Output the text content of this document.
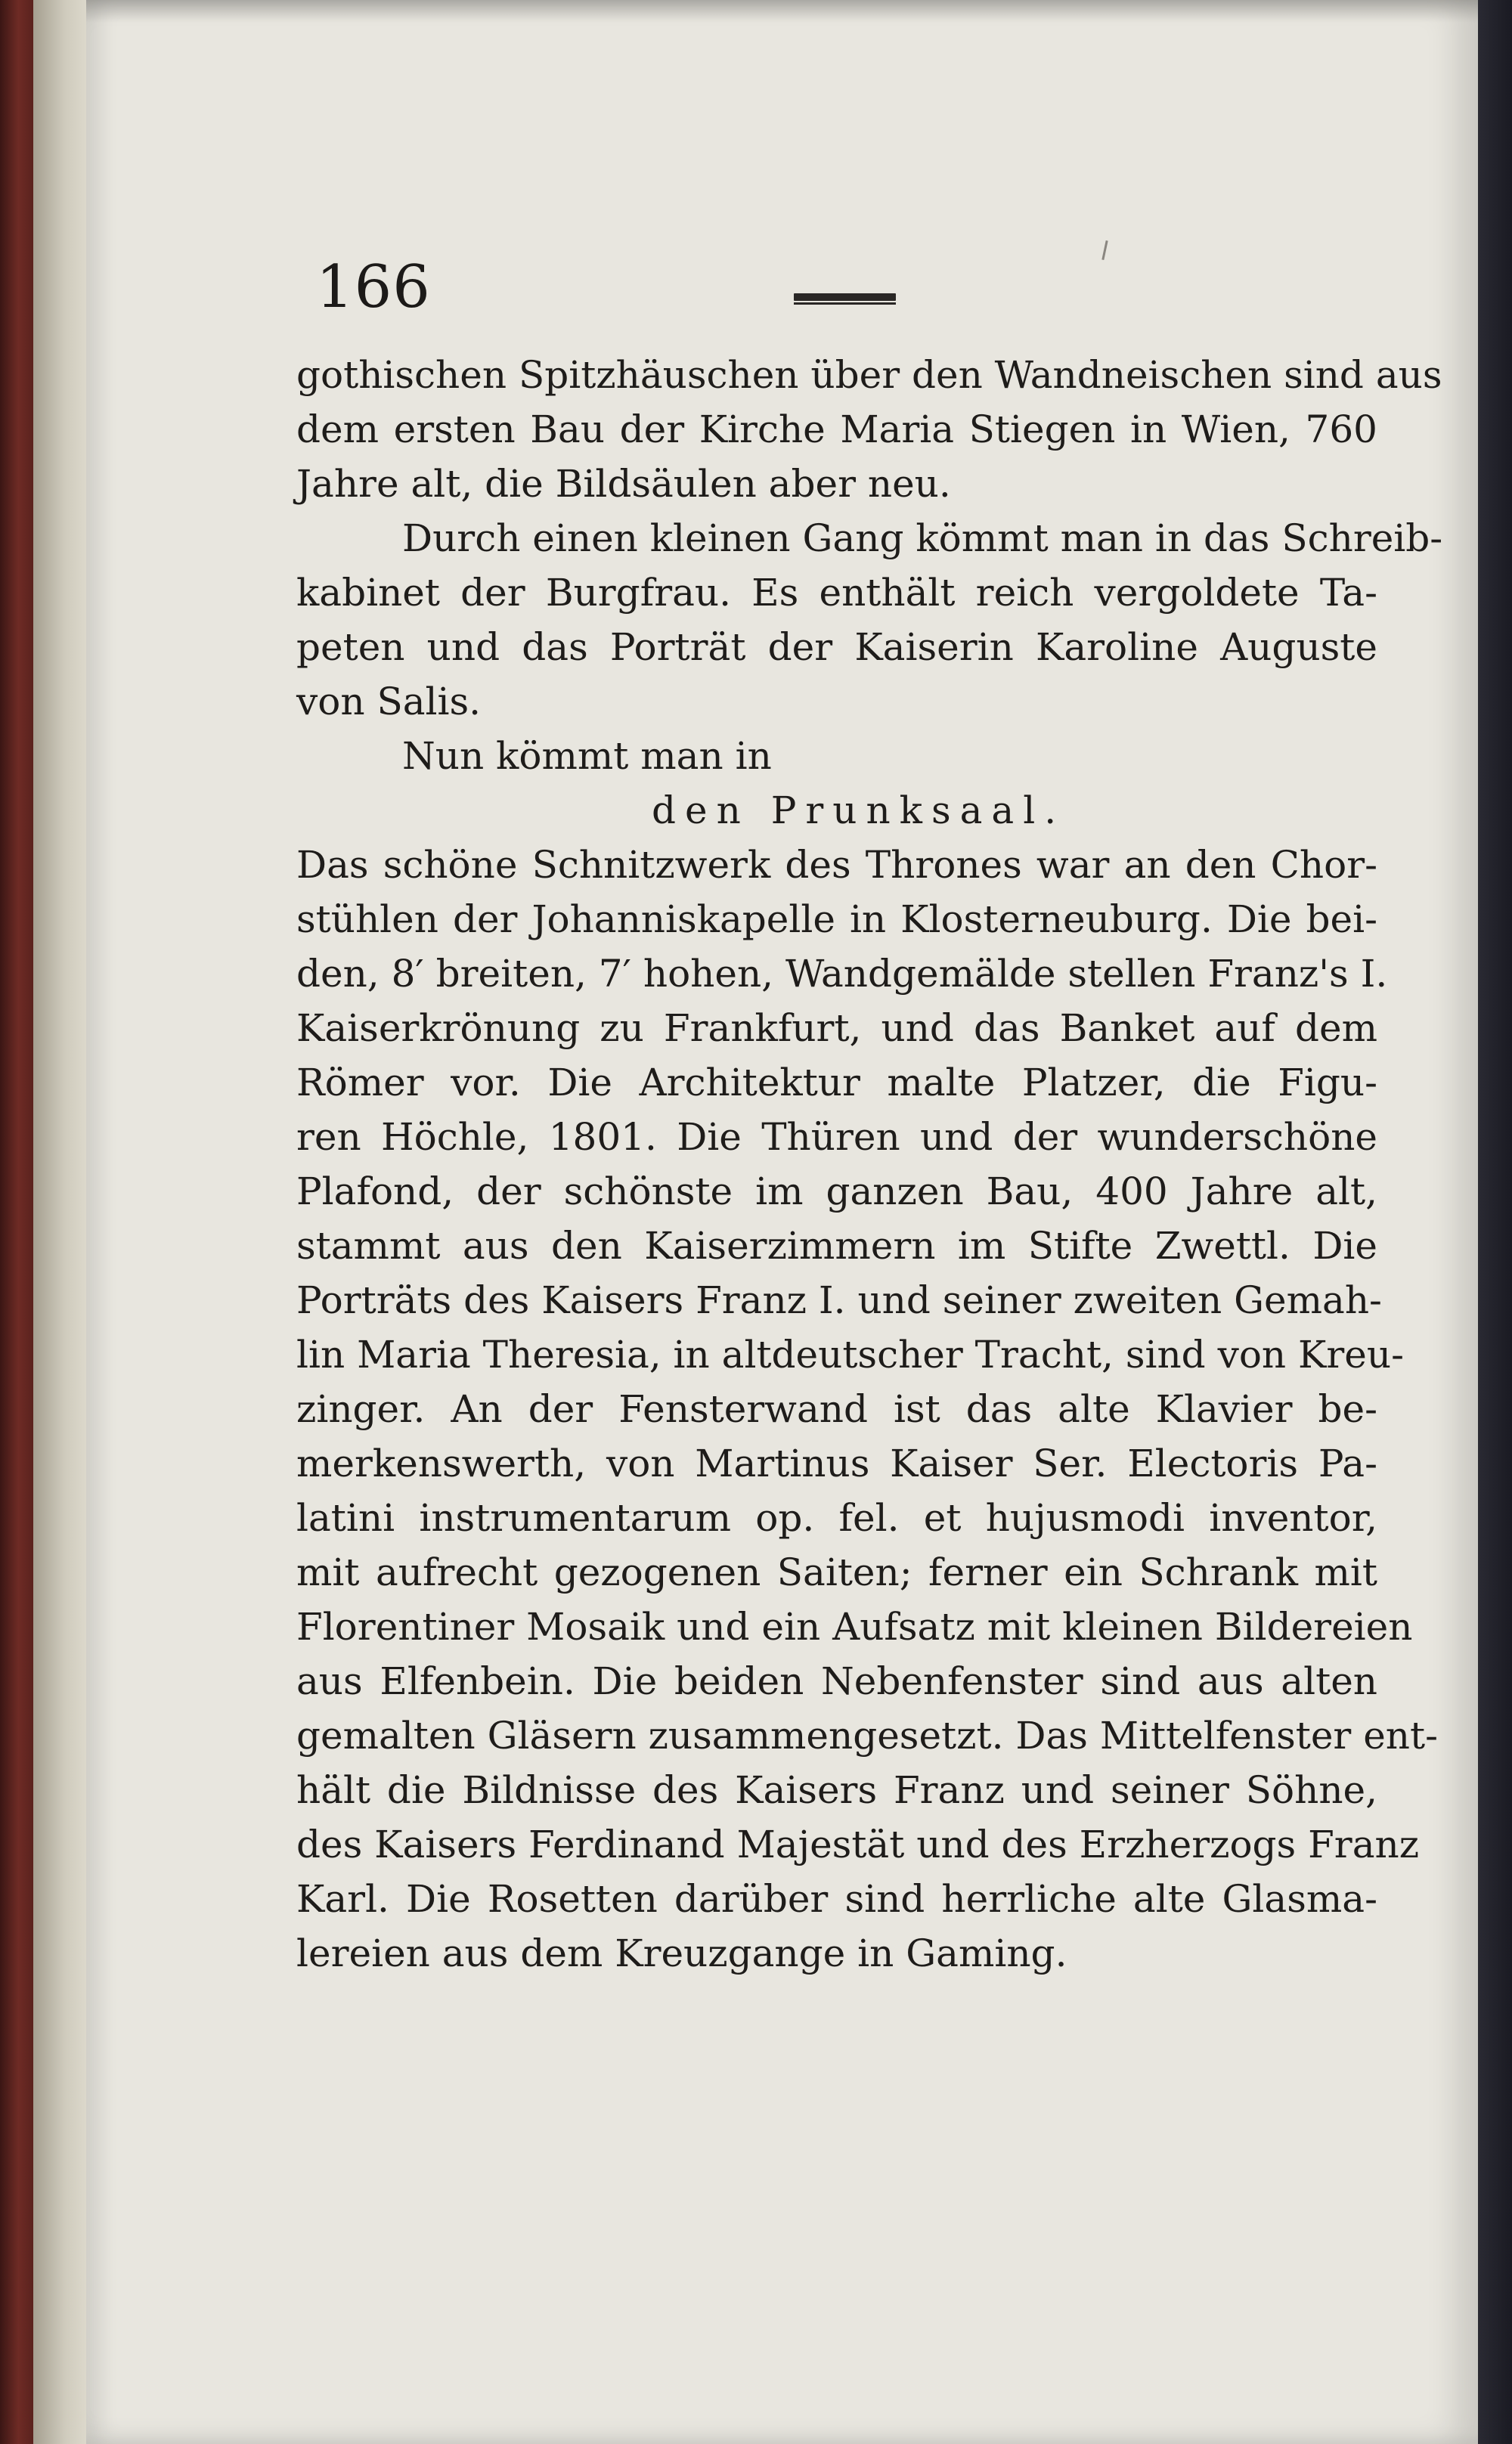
166
gothischen Spitzhäuschen über den Wandneischen sind aus
dem ersten Bau der Kirche Maria Stiegen in Wien, 760
Jahre alt, die Bildsäulen aber neu.
Durch einen kleinen Gang kömmt man in das Schreib-
kabinet der Burgfrau. Es enthält reich vergoldete Ta-
peten und das Porträt der Kaiserin Karoline Auguste
von Salis.
Nun kömmt man in
den Prunksaal.
Das schöne Schnitzwerk des Thrones war an den Chor-
stühlen der Johanniskapelle in Klosterneuburg. Die bei-
den, 8′ breiten, 7′ hohen, Wandgemälde stellen Franz's I.
Kaiserkrönung zu Frankfurt, und das Banket auf dem
Römer vor. Die Architektur malte Platzer, die Figu-
ren Höchle, 1801. Die Thüren und der wunderschöne
Plafond, der schönste im ganzen Bau, 400 Jahre alt,
stammt aus den Kaiserzimmern im Stifte Zwettl. Die
Porträts des Kaisers Franz I. und seiner zweiten Gemah-
lin Maria Theresia, in altdeutscher Tracht, sind von Kreu-
zinger. An der Fensterwand ist das alte Klavier be-
merkenswerth, von Martinus Kaiser Ser. Electoris Pa-
latini instrumentarum op. fel. et hujusmodi inventor,
mit aufrecht gezogenen Saiten; ferner ein Schrank mit
Florentiner Mosaik und ein Aufsatz mit kleinen Bildereien
aus Elfenbein. Die beiden Nebenfenster sind aus alten
gemalten Gläsern zusammengesetzt. Das Mittelfenster ent-
hält die Bildnisse des Kaisers Franz und seiner Söhne,
des Kaisers Ferdinand Majestät und des Erzherzogs Franz
Karl. Die Rosetten darüber sind herrliche alte Glasma-
lereien aus dem Kreuzgange in Gaming.
